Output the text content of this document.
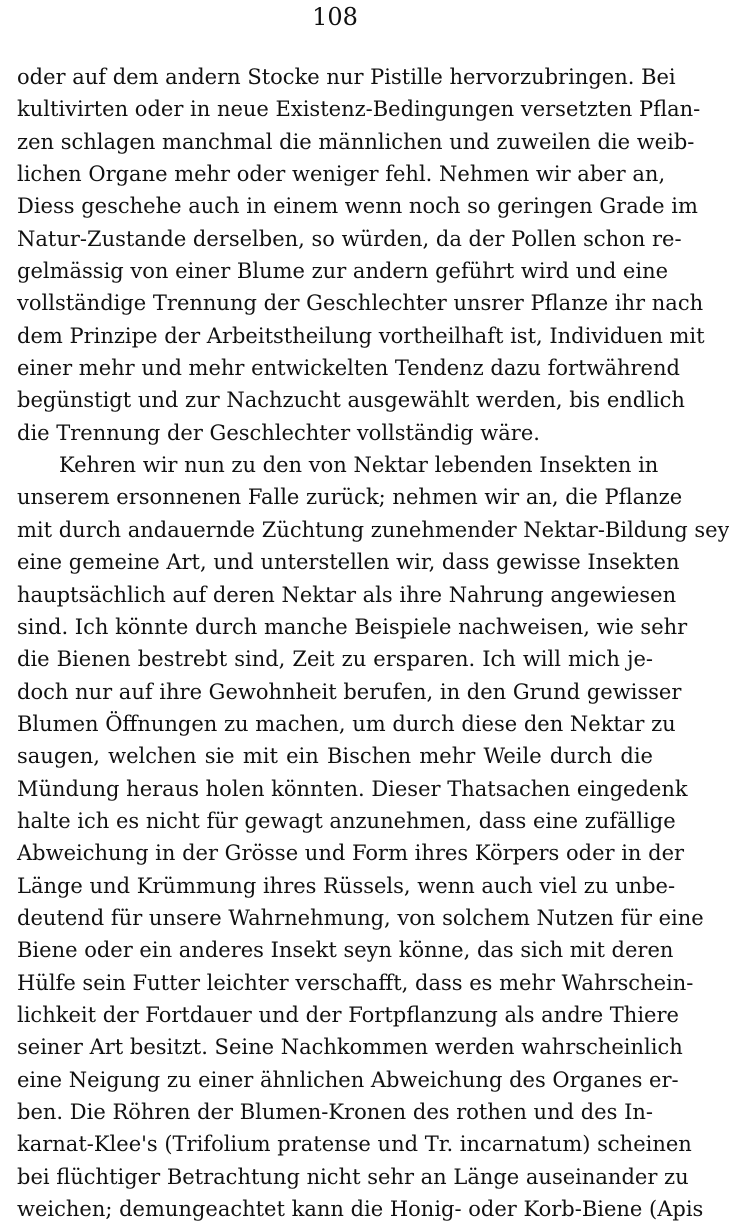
108
oder auf dem andern Stocke nur Pistille hervorzubringen. Bei
kultivirten oder in neue Existenz-Bedingungen versetzten Pflan-
zen schlagen manchmal die männlichen und zuweilen die weib-
lichen Organe mehr oder weniger fehl. Nehmen wir aber an,
Diess geschehe auch in einem wenn noch so geringen Grade im
Natur-Zustande derselben, so würden, da der Pollen schon re-
gelmässig von einer Blume zur andern geführt wird und eine
vollständige Trennung der Geschlechter unsrer Pflanze ihr nach
dem Prinzipe der Arbeitstheilung vortheilhaft ist, Individuen mit
einer mehr und mehr entwickelten Tendenz dazu fortwährend
begünstigt und zur Nachzucht ausgewählt werden, bis endlich
die Trennung der Geschlechter vollständig wäre.
Kehren wir nun zu den von Nektar lebenden Insekten in
unserem ersonnenen Falle zurück; nehmen wir an, die Pflanze
mit durch andauernde Züchtung zunehmender Nektar-Bildung sey
eine gemeine Art, und unterstellen wir, dass gewisse Insekten
hauptsächlich auf deren Nektar als ihre Nahrung angewiesen
sind. Ich könnte durch manche Beispiele nachweisen, wie sehr
die Bienen bestrebt sind, Zeit zu ersparen. Ich will mich je-
doch nur auf ihre Gewohnheit berufen, in den Grund gewisser
Blumen Öffnungen zu machen, um durch diese den Nektar zu
saugen, welchen sie mit ein Bischen mehr Weile durch die
Mündung heraus holen könnten. Dieser Thatsachen eingedenk
halte ich es nicht für gewagt anzunehmen, dass eine zufällige
Abweichung in der Grösse und Form ihres Körpers oder in der
Länge und Krümmung ihres Rüssels, wenn auch viel zu unbe-
deutend für unsere Wahrnehmung, von solchem Nutzen für eine
Biene oder ein anderes Insekt seyn könne, das sich mit deren
Hülfe sein Futter leichter verschafft, dass es mehr Wahrschein-
lichkeit der Fortdauer und der Fortpflanzung als andre Thiere
seiner Art besitzt. Seine Nachkommen werden wahrscheinlich
eine Neigung zu einer ähnlichen Abweichung des Organes er-
ben. Die Röhren der Blumen-Kronen des rothen und des In-
karnat-Klee's (Trifolium pratense und Tr. incarnatum) scheinen
bei flüchtiger Betrachtung nicht sehr an Länge auseinander zu
weichen; demungeachtet kann die Honig- oder Korb-Biene (Apis
